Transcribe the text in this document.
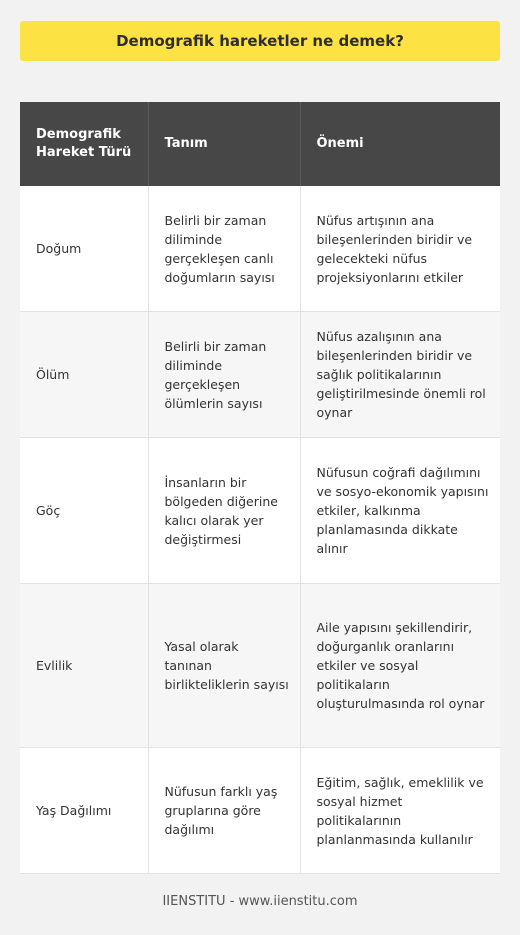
Demografik hareketler ne demek?
Demografik Hareket Türü	Tanım	Önemi
Doğum	Belirli bir zaman diliminde gerçekleşen canlı doğumların sayısı	Nüfus artışının ana bileşenlerinden biridir ve gelecekteki nüfus projeksiyonlarını etkiler
Ölüm	Belirli bir zaman diliminde gerçekleşen ölümlerin sayısı	Nüfus azalışının ana bileşenlerinden biridir ve sağlık politikalarının geliştirilmesinde önemli rol oynar
Göç	İnsanların bir bölgeden diğerine kalıcı olarak yer değiştirmesi	Nüfusun coğrafi dağılımını ve sosyo-ekonomik yapısını etkiler, kalkınma planlamasında dikkate alınır
Evlilik	Yasal olarak tanınan birlikteliklerin sayısı	Aile yapısını şekillendirir, doğurganlık oranlarını etkiler ve sosyal politikaların oluşturulmasında rol oynar
Yaş Dağılımı	Nüfusun farklı yaş gruplarına göre dağılımı	Eğitim, sağlık, emeklilik ve sosyal hizmet politikalarının planlanmasında kullanılır
IIENSTITU - www.iienstitu.com
